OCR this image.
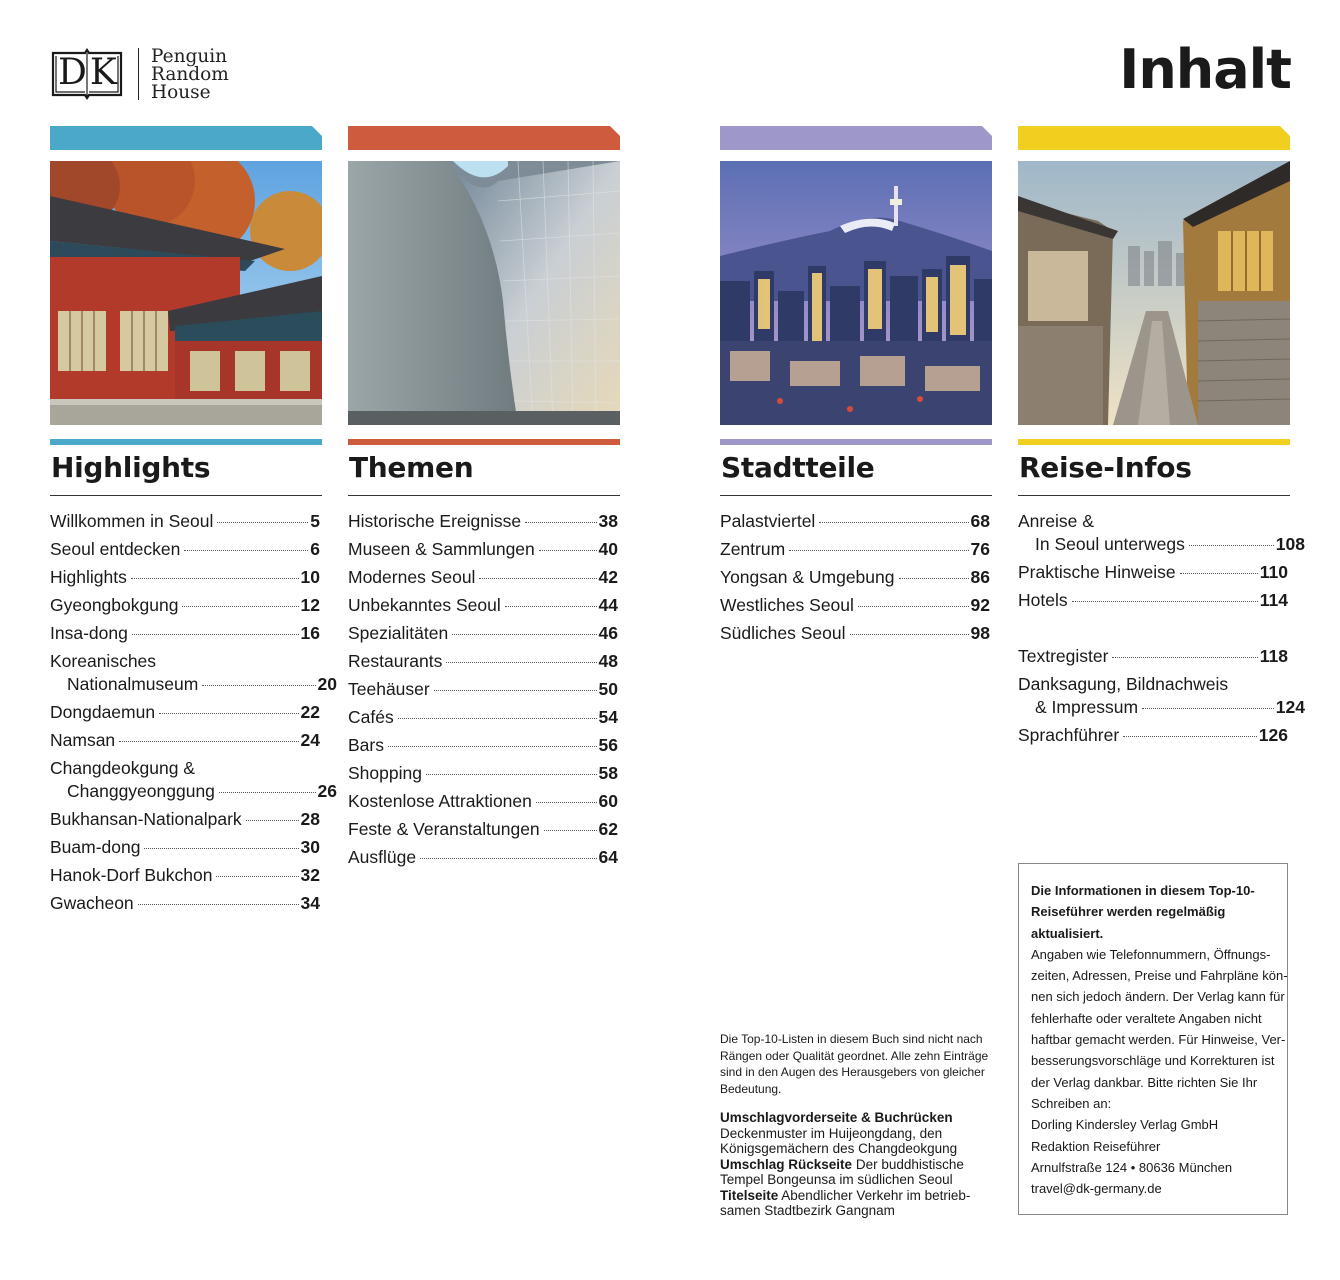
DK Penguin
Random
House	Inhalt
Highlights
Willkommen in Seoul	5
Seoul entdecken	6
Highlights	10
Gyeongbokgung	12
Insa-dong	16
Koreanisches
Nationalmuseum	20
Dongdaemun	22
Namsan	24
Changdeokgung &
Changgyeonggung	26
Bukhansan-Nationalpark	28
Buam-dong	30
Hanok-Dorf Bukchon	32
Gwacheon	34
Themen
Historische Ereignisse	38
Museen & Sammlungen	40
Modernes Seoul	42
Unbekanntes Seoul	44
Spezialitäten	46
Restaurants	48
Teehäuser	50
Cafés	54
Bars	56
Shopping	58
Kostenlose Attraktionen	60
Feste & Veranstaltungen	62
Ausflüge	64
Stadtteile
Palastviertel	68
Zentrum	76
Yongsan & Umgebung	86
Westliches Seoul	92
Südliches Seoul	98
Reise-Infos
Anreise &
In Seoul unterwegs	108
Praktische Hinweise	110
Hotels	114
Textregister	118
Danksagung, Bildnachweis
& Impressum	124
Sprachführer	126
Die Top-10-Listen in diesem Buch sind nicht nach
Rängen oder Qualität geordnet. Alle zehn Einträge
sind in den Augen des Herausgebers von gleicher
Bedeutung.
Umschlagvorderseite & Buchrücken
Deckenmuster im Huijeongdang, den
Königsgemächern des Changdeokgung
Umschlag Rückseite Der buddhistische
Tempel Bongeunsa im südlichen Seoul
Titelseite Abendlicher Verkehr im betrieb-
samen Stadtbezirk Gangnam
Die Informationen in diesem Top-10-
Reiseführer werden regelmäßig
aktualisiert.
Angaben wie Telefonnummern, Öffnungs-
zeiten, Adressen, Preise und Fahrpläne kön-
nen sich jedoch ändern. Der Verlag kann für
fehlerhafte oder veraltete Angaben nicht
haftbar gemacht werden. Für Hinweise, Ver-
besserungsvorschläge und Korrekturen ist
der Verlag dankbar. Bitte richten Sie Ihr
Schreiben an:
Dorling Kindersley Verlag GmbH
Redaktion Reiseführer
Arnulfstraße 124 • 80636 München
travel@dk-germany.de
